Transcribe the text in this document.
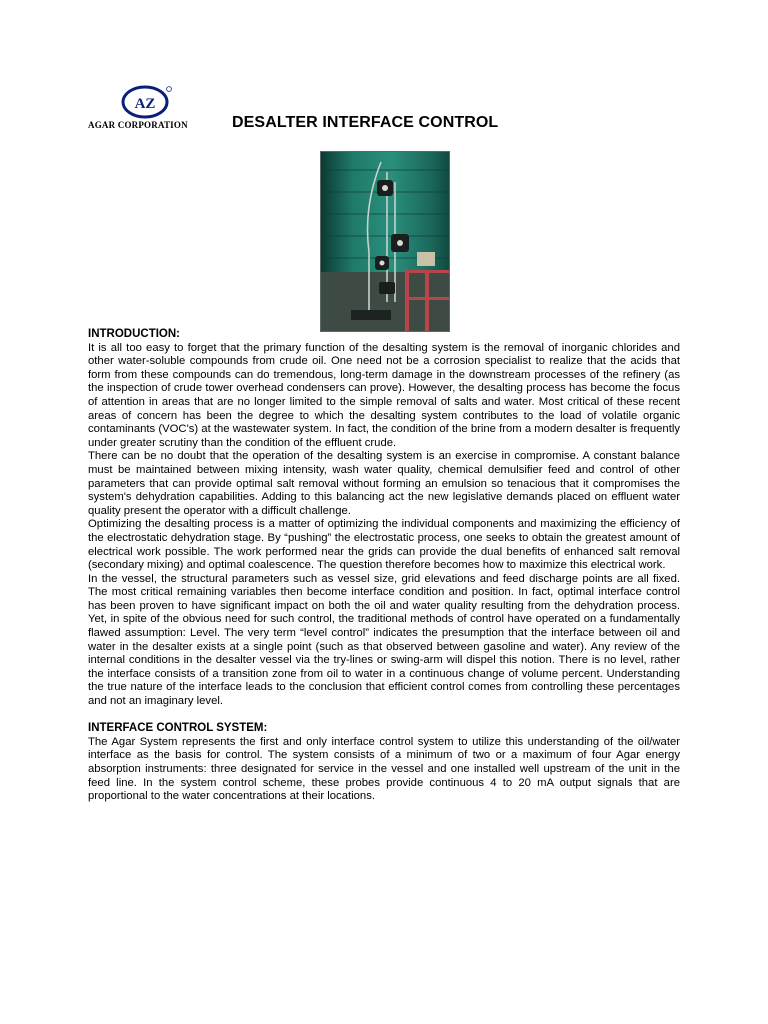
AZ
AGAR CORPORATION	DESALTER INTERFACE CONTROL
INTRODUCTION:

It is all too easy to forget that the primary function of the desalting system is the removal of inorganic chlorides and other water-soluble compounds from crude oil. One need not be a corrosion specialist to realize that the acids that form from these compounds can do tremendous, long-term damage in the downstream processes of the refinery (as the inspection of crude tower overhead condensers can prove). However, the desalting process has become the focus of attention in areas that are no longer limited to the simple removal of salts and water. Most critical of these recent areas of concern has been the degree to which the desalting system contributes to the load of volatile organic contaminants (VOC's) at the wastewater system. In fact, the condition of the brine from a modern desalter is frequently under greater scrutiny than the condition of the effluent crude.

There can be no doubt that the operation of the desalting system is an exercise in compromise. A constant balance must be maintained between mixing intensity, wash water quality, chemical demulsifier feed and control of other parameters that can provide optimal salt removal without forming an emulsion so tenacious that it compromises the system's dehydration capabilities. Adding to this balancing act the new legislative demands placed on effluent water quality present the operator with a difficult challenge.

Optimizing the desalting process is a matter of optimizing the individual components and maximizing the efficiency of the electrostatic dehydration stage. By “pushing” the electrostatic process, one seeks to obtain the greatest amount of electrical work possible. The work performed near the grids can provide the dual benefits of enhanced salt removal (secondary mixing) and optimal coalescence. The question therefore becomes how to maximize this electrical work.

In the vessel, the structural parameters such as vessel size, grid elevations and feed discharge points are all fixed. The most critical remaining variables then become interface condition and position. In fact, optimal interface control has been proven to have significant impact on both the oil and water quality resulting from the dehydration process. Yet, in spite of the obvious need for such control, the traditional methods of control have operated on a fundamentally flawed assumption: Level. The very term “level control” indicates the presumption that the interface between oil and water in the desalter exists at a single point (such as that observed between gasoline and water). Any review of the internal conditions in the desalter vessel via the try-lines or swing-arm will dispel this notion. There is no level, rather the interface consists of a transition zone from oil to water in a continuous change of volume percent. Understanding the true nature of the interface leads to the conclusion that efficient control comes from controlling these percentages and not an imaginary level.

INTERFACE CONTROL SYSTEM:

The Agar System represents the first and only interface control system to utilize this understanding of the oil/water interface as the basis for control. The system consists of a minimum of two or a maximum of four Agar energy absorption instruments: three designated for service in the vessel and one installed well upstream of the unit in the feed line. In the system control scheme, these probes provide continuous 4 to 20 mA output signals that are proportional to the water concentrations at their locations.
